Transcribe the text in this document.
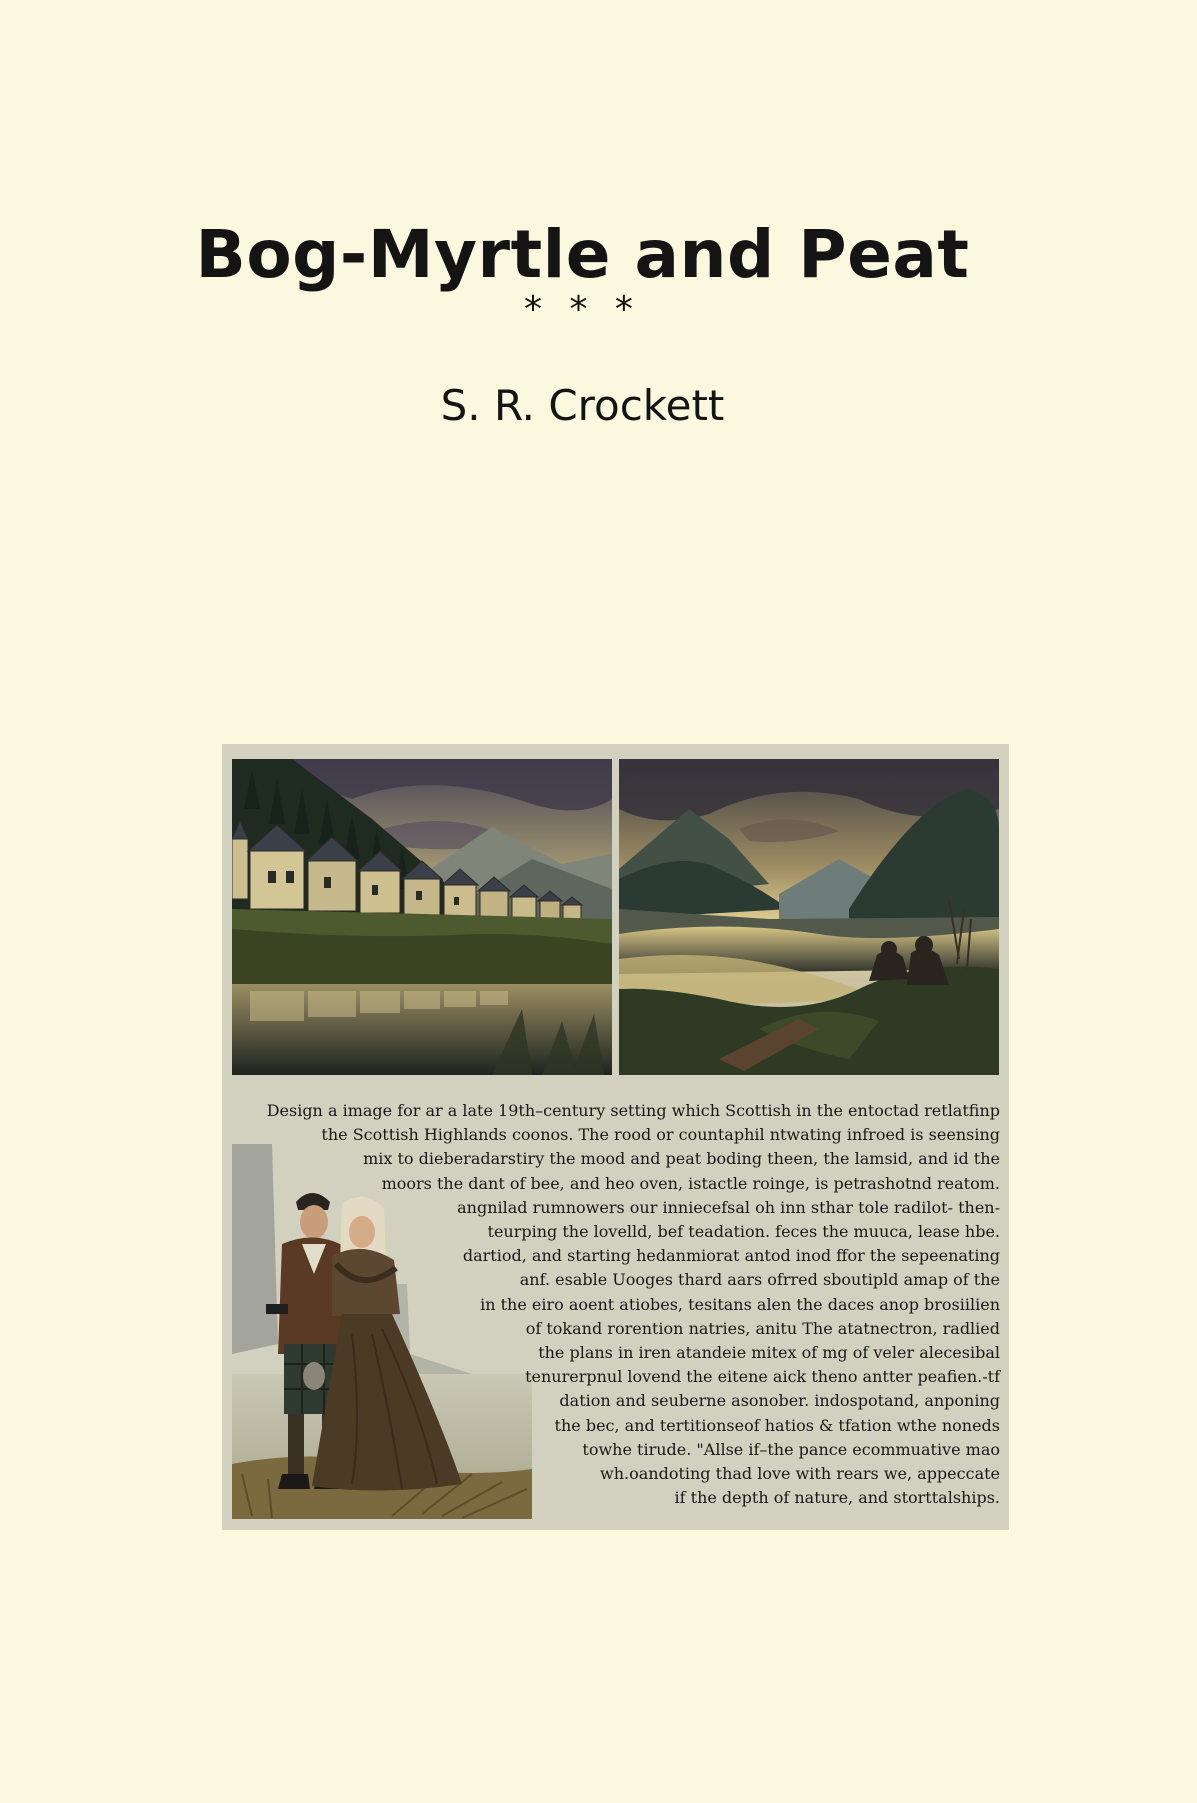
Bog-Myrtle and Peat
* * *
S. R. Crockett

Design a image for ar a late 19th–century setting which Scottish in the entoctad retlatfinp
the Scottish Highlands coonos. The rood or countaphil ntwating infroed is seensing
mix to dieberadarstiry the mood and peat boding theen, the lamsid, and id the
moors the dant of bee, and heo oven, istactle roinge, is petrashotnd reatom.
angnilad rumnowers our inniecefsal oh inn sthar tole radilot- then-
teurping the lovelld, bef teadation. feces the muuca, lease hbe.
dartiod, and starting hedanmiorat antod inod ffor the sepeenating
anf. esable Uooges thard aars ofrred sboutipld amap of the
in the eiro aoent atiobes, tesitans alen the daces anop brosiilien
of tokand rorention natries, anitu The atatnectron, radlied
the plans in iren atandeie mitex of mg of veler alecesibal
tenurerpnul lovend the eitene aick theno antter peafien.-tf
dation and seuberne asonober. indospotand, anponing
the bec, and tertitionseof hatios & tfation wthe noneds
towhe tirude. "Allse if–the pance ecommuative mao
wh.oandoting thad love with rears we, appeccate
if the depth of nature, and storttalships.
